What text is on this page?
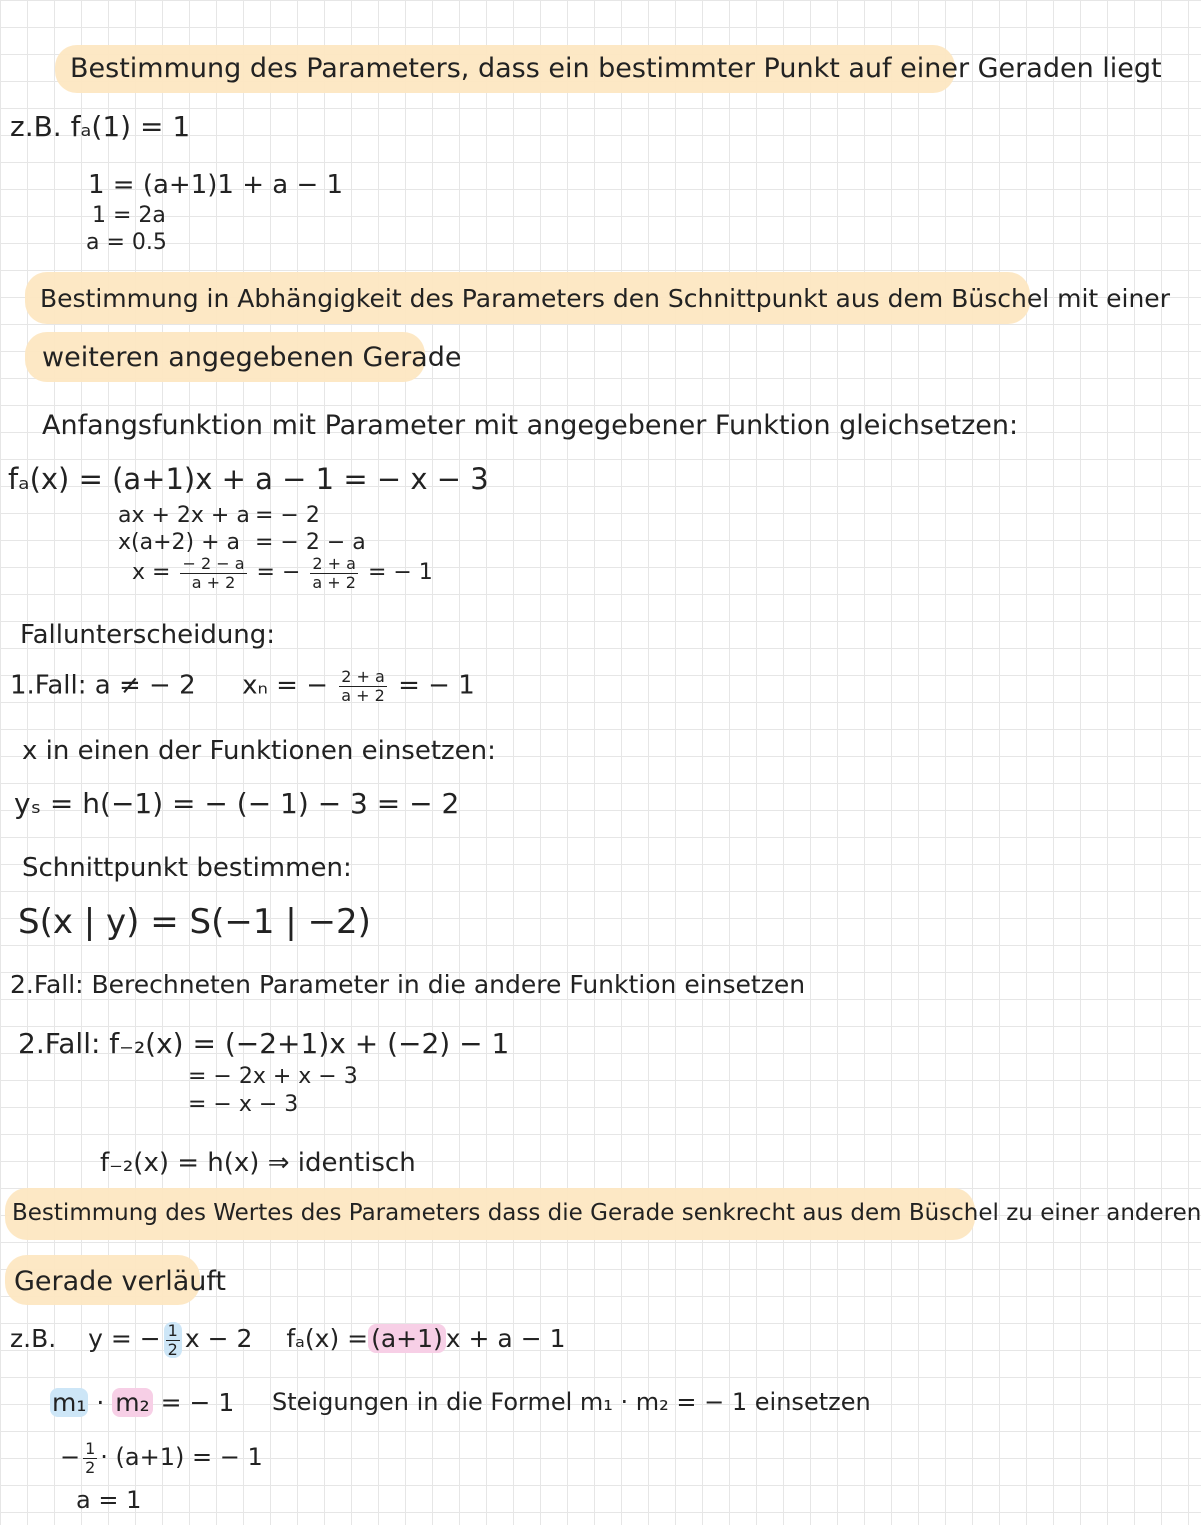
Bestimmung des Parameters, dass ein bestimmter Punkt auf einer Geraden liegt
z.B. fₐ(1) = 1
1 = (a+1)1 + a − 1
1 = 2a
a = 0.5
Bestimmung in Abhängigkeit des Parameters den Schnittpunkt aus dem Büschel mit einer
weiteren angegebenen Gerade
Anfangsfunktion mit Parameter mit angegebener Funktion gleichsetzen:
fₐ(x) = (a+1)x + a − 1 = − x − 3
ax + 2x + a = − 2
x(a+2) + a = − 2 − a
$x = \frac{- 2 - a}{a + 2}$ = − $\frac{2 + a}{a + 2}$ = − 1
Fallunterscheidung:
1.Fall: a ≠ − 2 xₙ = − $\frac{2 + a}{a + 2}$ = − 1
x in einen der Funktionen einsetzen:
yₛ = h(−1) = − (− 1) − 3 = − 2
Schnittpunkt bestimmen:
S(x | y) = S(−1 | −2)
2.Fall: Berechneten Parameter in die andere Funktion einsetzen
2.Fall: f₋₂(x) = (−2+1)x + (−2) − 1
= − 2x + x − 3
= − x − 3
f₋₂(x) = h(x) ⇒ identisch
Bestimmung des Wertes des Parameters dass die Gerade senkrecht aus dem Büschel zu einer anderen
Gerade verläuft
z.B. y = − $\frac{1}{2}$ x − 2 fₐ(x) = (a+1) x + a − 1
m₁ · m₂ = − 1 Steigungen in die Formel m₁ · m₂ = − 1 einsetzen
− $\frac{1}{2} \cdot (a+1)$ = − 1
a = 1
